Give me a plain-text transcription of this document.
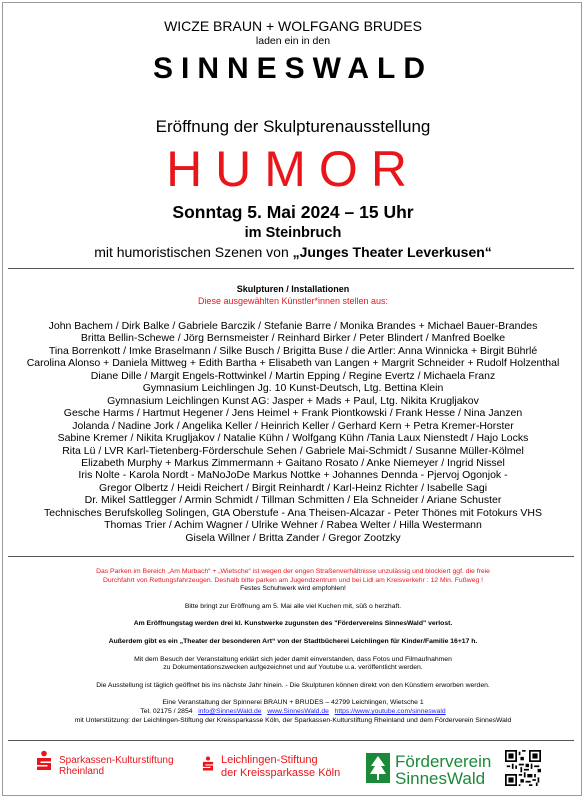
WICZE BRAUN + WOLFGANG BRUDES
laden ein in den
SINNESWALD
Eröffnung der Skulpturenausstellung
HUMOR
Sonntag 5. Mai 2024 – 15 Uhr
im Steinbruch
mit humoristischen Szenen von „Junges Theater Leverkusen“
Skulpturen / Installationen
Diese ausgewählten Künstler*innen stellen aus:
John Bachem / Dirk Balke / Gabriele Barczik / Stefanie Barre / Monika Brandes + Michael Bauer-Brandes
Britta Bellin-Schewe / Jörg Bernsmeister / Reinhard Birker / Peter Blindert / Manfred Boelke
Tina Borrenkott / Imke Braselmann / Silke Busch / Brigitta Buse / die Artler: Anna Winnicka + Birgit Bührlé
Carolina Alonso + Daniela Mittweg + Edith Bartha + Elisabeth van Langen + Margrit Schneider + Rudolf Holzenthal
Diane Dille / Margit Engels-Rottwinkel / Martin Epping / Regine Evertz / Michaela Franz
Gymnasium Leichlingen Jg. 10 Kunst-Deutsch, Ltg. Bettina Klein
Gymnasium Leichlingen Kunst AG: Jasper + Mads + Paul, Ltg. Nikita Krugljakov
Gesche Harms / Hartmut Hegener / Jens Heimel + Frank Piontkowski / Frank Hesse / Nina Janzen
Jolanda / Nadine Jork / Angelika Keller / Heinrich Keller / Gerhard Kern + Petra Kremer-Horster
Sabine Kremer / Nikita Krugljakov / Natalie Kühn / Wolfgang Kühn /Tania Laux Nienstedt / Hajo Locks
Rita Lü / LVR Karl-Tietenberg-Förderschule Sehen / Gabriele Mai-Schmidt / Susanne Müller-Kölmel
Elizabeth Murphy + Markus Zimmermann + Gaitano Rosato / Anke Niemeyer / Ingrid Nissel
Iris Nolte - Karola Nordt - MaNoJoDe Markus Nottke + Johannes Dennda - Pjervoj Ogonjok -
Gregor Olbertz / Heidi Reichert / Birgit Reinhardt / Karl-Heinz Richter / Isabelle Sagi
Dr. Mikel Sattlegger / Armin Schmidt / Tillman Schmitten / Ela Schneider / Ariane Schuster
Technisches Berufskolleg Solingen, GtA Oberstufe - Ana Theisen-Alcazar - Peter Thönes mit Fotokurs VHS
Thomas Trier / Achim Wagner / Ulrike Wehner / Rabea Welter / Hilla Westermann
Gisela Willner / Britta Zander / Gregor Zootzky
Das Parken im Bereich „Am Murbach“ + „Wietsche“ ist wegen der engen Straßenverhältnisse unzulässig und blockiert ggf. die freie
Durchfahrt von Rettungsfahrzeugen. Deshalb bitte parken am Jugendzentrum und bei Lidl am Kreisverkehr : 12 Min. Fußweg !
Festes Schuhwerk wird empfohlen!
Bitte bringt zur Eröffnung am 5. Mai alle viel Kuchen mit, süß o herzhaft.
Am Eröffnungstag werden drei kl. Kunstwerke zugunsten des "Fördervereins SinnesWald" verlost.
Außerdem gibt es ein „Theater der besonderen Art“ von der Stadtbücherei Leichlingen für Kinder/Familie 16+17 h.
Mit dem Besuch der Veranstaltung erklärt sich jeder damit einverstanden, dass Fotos und Filmaufnahmen
zu Dokumentationszwecken aufgezeichnet und auf Youtube u.a. veröffentlicht werden.
Die Ausstellung ist täglich geöffnet bis ins nächste Jahr hinein. - Die Skulpturen können direkt von den Künstlern erworben werden.
Eine Veranstaltung der Spinnerei BRAUN + BRUDES – 42799 Leichlingen, Wietsche 1
Tel. 02175 / 2854 info@SinnesWald.de www.SinnesWald.de https://www.youtube.com/sinneswald
mit Unterstützung: der Leichlingen-Stiftung der Kreissparkasse Köln, der Sparkassen-Kulturstiftung Rheinland und dem Förderverein SinnesWald
Sparkassen-Kulturstiftung
Rheinland
Leichlingen-Stiftung
der Kreissparkasse Köln
Förderverein
SinnesWald
